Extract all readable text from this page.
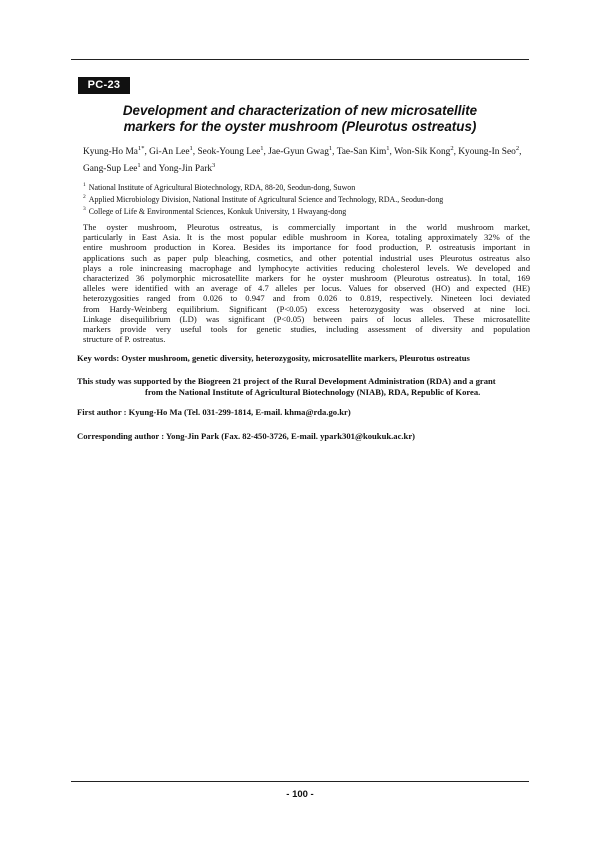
PC-23
Development and characterization of new microsatellite
markers for the oyster mushroom (Pleurotus ostreatus)
Kyung-Ho $Ma^{1*}$, Gi-An Lee$^1$, Seok-Young Lee$^1$, Jae-Gyun Gwag$^1$, Tae-San Kim$^1$, Won-Sik Kong$^2$, Kyoung-In Seo$^2$,
Gang-Sup Lee$^1$ and Yong-Jin Park$^3$
$^1$ National Institute of Agricultural Biotechnology, RDA, 88-20, Seodun-dong, Suwon
$^2$ Applied Microbiology Division, National Institute of Agricultural Science and Technology, RDA., Seodun-dong
$^3$ College of Life & Environmental Sciences, Konkuk University, 1 Hwayang-dong
The oyster mushroom, Pleurotus ostreatus, is commercially important in the world mushroom market,
particularly in East Asia. It is the most popular edible mushroom in Korea, totaling approximately 32% of the
entire mushroom production in Korea. Besides its importance for food production, P. ostreatusis important in
applications such as paper pulp bleaching, cosmetics, and other potential industrial uses Pleurotus ostreatus also
plays a role inincreasing macrophage and lymphocyte activities reducing cholesterol levels. We developed and
characterized 36 polymorphic microsatellite markers for he oyster mushroom (Pleurotus ostreatus). In total, 169
alleles were identified with an average of 4.7 alleles per locus. Values for observed (HO) and expected (HE)
heterozygosities ranged from 0.026 to 0.947 and from 0.026 to 0.819, respectively. Nineteen loci deviated
from Hardy-Weinberg equilibrium. Significant (P<0.05) excess heterozygosity was observed at nine loci.
Linkage disequilibrium (LD) was significant (P<0.05) between pairs of locus alleles. These microsatellite
markers provide very useful tools for genetic studies, including assessment of diversity and population
structure of P. ostreatus.
Key words: Oyster mushroom, genetic diversity, heterozygosity, microsatellite markers, Pleurotus ostreatus
This study was supported by the Biogreen 21 project of the Rural Development Administration (RDA) and a grant
from the National Institute of Agricultural Biotechnology (NIAB), RDA, Republic of Korea.
First author : Kyung-Ho Ma (Tel. 031-299-1814, E-mail. khma@rda.go.kr)
Corresponding author : Yong-Jin Park (Fax. 82-450-3726, E-mail. ypark301@koukuk.ac.kr)
- 100 -
